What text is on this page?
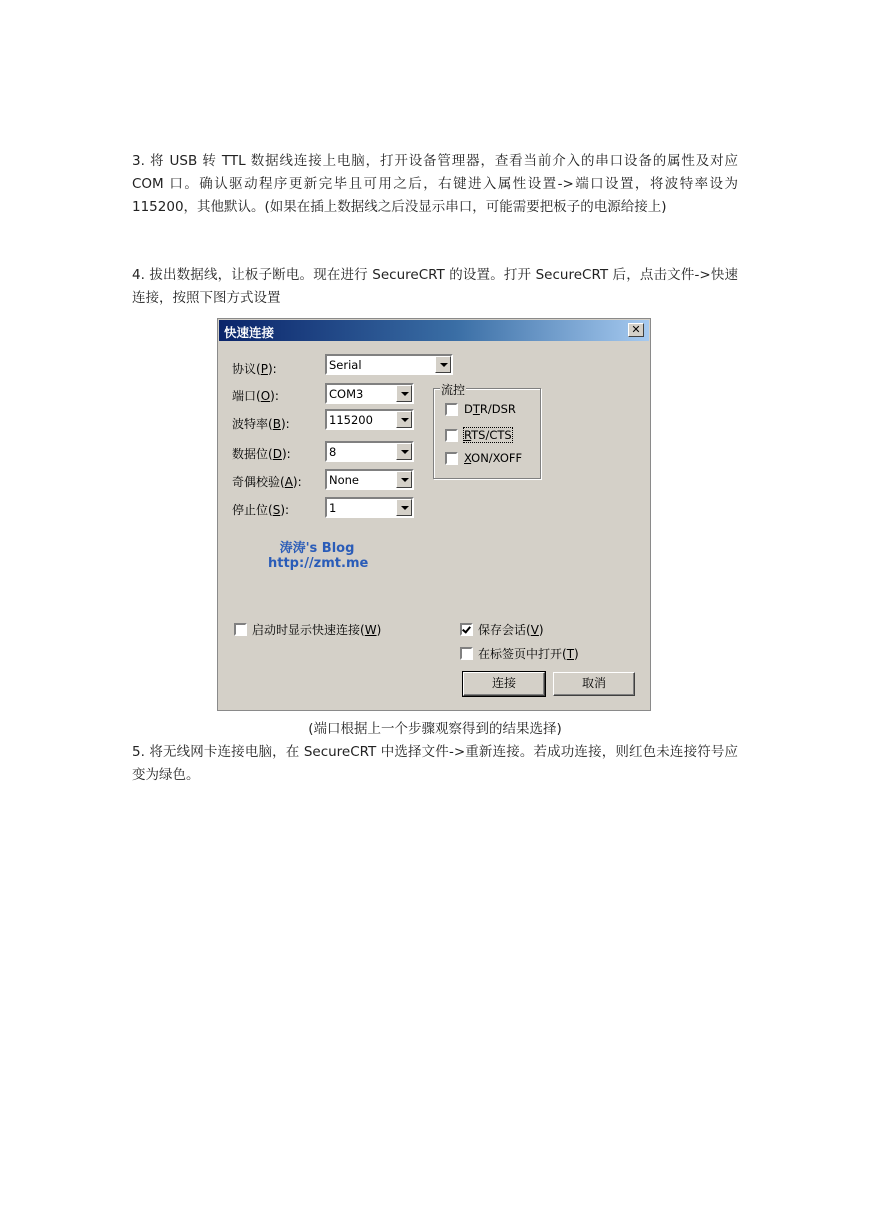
3. 将 USB 转 TTL 数据线连接上电脑，打开设备管理器，查看当前介入的串口设备的属性及对应 COM 口。确认驱动程序更新完毕且可用之后，右键进入属性设置->端口设置，将波特率设为 115200，其他默认。(如果在插上数据线之后没显示串口，可能需要把板子的电源给接上)
4. 拔出数据线，让板子断电。现在进行 SecureCRT 的设置。打开 SecureCRT 后，点击文件->快速连接，按照下图方式设置
快速连接	✕
协议(P):	Serial
端口(O):	COM3
波特率(B):	115200
数据位(D):	8
奇偶校验(A): None
停止位(S):	1
流控
DTR/DSR
RTS/CTS
XON/XOFF
涛涛's Blog
http://zmt.me
启动时显示快速连接(W)	保存会话(V)
在标签页中打开(T)
连接	取消
(端口根据上一个步骤观察得到的结果选择)
5. 将无线网卡连接电脑，在 SecureCRT 中选择文件->重新连接。若成功连接，则红色未连接符号应变为绿色。
